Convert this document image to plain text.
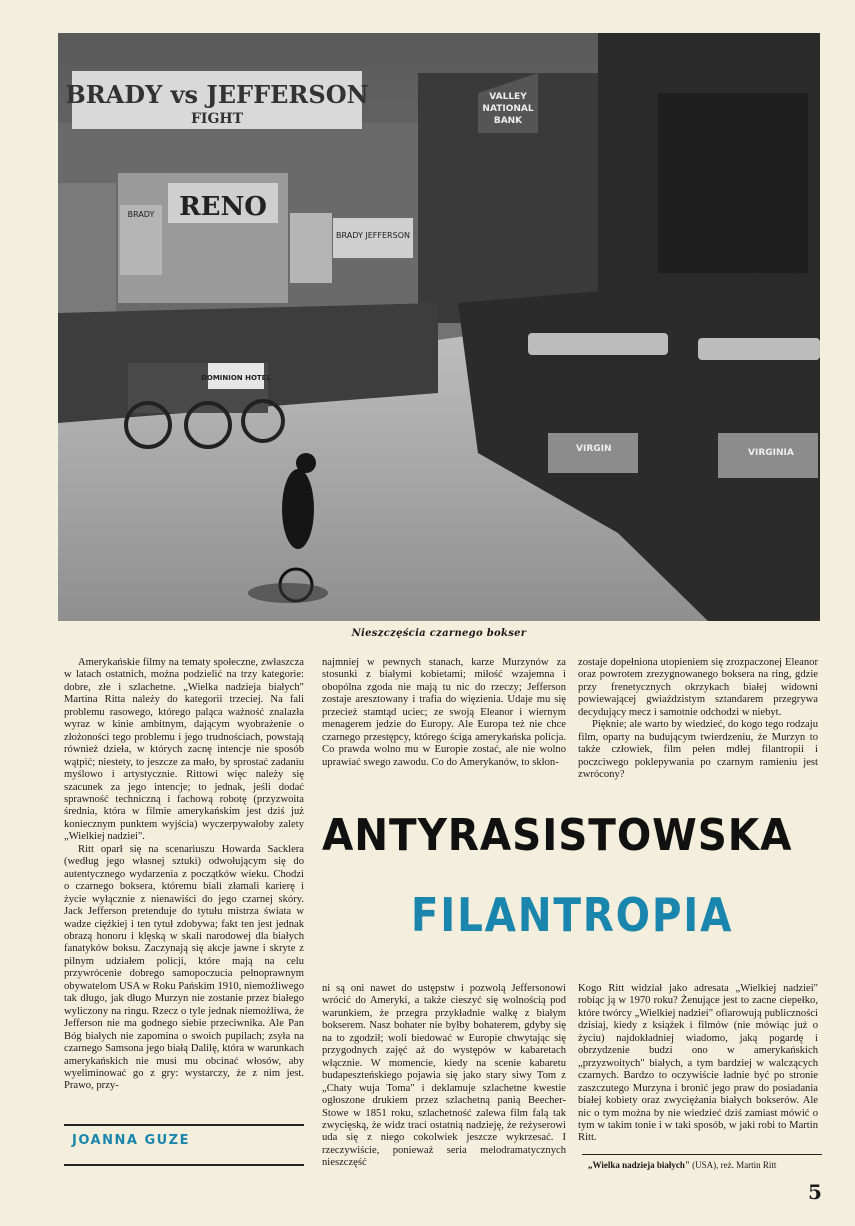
BRADY vs JEFFERSON
FIGHT
RENO
BRADY
BRADY JEFFERSON
VALLEY
NATIONAL
BANK
DOMINION HOTEL
VIRGIN	VIRGINIA
Nieszczęścia czarnego bokser

Amerykańskie filmy na tematy społeczne, zwłaszcza w latach ostatnich, można podzielić na trzy kategorie: dobre, złe i szlachetne. „Wielka nadzieja białych" Martina Ritta należy do kategorii trzeciej. Na fali problemu rasowego, którego paląca ważność znalazła wyraz w kinie ambitnym, dającym wyobrażenie o złożoności tego problemu i jego trudnościach, powstają również dzieła, w których zacnę intencje nie sposób wątpić; niestety, to jeszcze za mało, by sprostać zadaniu myślowo i artystycznie. Rittowi więc należy się szacunek za jego intencje; to jednak, jeśli dodać sprawność techniczną i fachową robotę (przyzwoita średnia, która w filmie amerykańskim jest dziś już koniecznym punktem wyjścia) wyczerpywałoby zalety „Wielkiej nadziei".

Ritt oparł się na scenariuszu Howarda Sacklera (według jego własnej sztuki) odwołującym się do autentycznego wydarzenia z początków wieku. Chodzi o czarnego boksera, któremu biali złamali karierę i życie wyłącznie z nienawiści do jego czarnej skóry. Jack Jefferson pretenduje do tytułu mistrza świata w wadze ciężkiej i ten tytuł zdobywa; fakt ten jest jednak obrazą honoru i klęską w skali narodowej dla białych fanatyków boksu. Zaczynają się akcje jawne i skryte z pilnym udziałem policji, które mają na celu przywrócenie dobrego samopoczucia pełnoprawnym obywatelom USA w Roku Pańskim 1910, niemożliwego tak długo, jak długo Murzyn nie zostanie przez białego wyliczony na ringu. Rzecz o tyle jednak niemożliwa, że Jefferson nie ma godnego siebie przeciwnika. Ale Pan Bóg białych nie zapomina o swoich pupilach; zsyła na czarnego Samsona jego białą Dalilę, która w warunkach amerykańskich nie musi mu obcinać włosów, aby wyeliminować go z gry: wystarczy, że z nim jest. Prawo, przy-

najmniej w pewnych stanach, karze Murzynów za stosunki z białymi kobietami; miłość wzajemna i obopólna zgoda nie mają tu nic do rzeczy; Jefferson zostaje aresztowany i trafia do więzienia. Udaje mu się przecież stamtąd uciec; ze swoją Eleanor i wiernym menagerem jedzie do Europy. Ale Europa też nie chce czarnego przestępcy, którego ściga amerykańska policja. Co prawda wolno mu w Europie zostać, ale nie wolno uprawiać swego zawodu. Co do Amerykanów, to skłon-

zostaje dopełniona utopieniem się zrozpaczonej Eleanor oraz powrotem zrezygnowanego boksera na ring, gdzie przy frenetycznych okrzykach białej widowni powiewającej gwiaździstym sztandarem przegrywa decydujący mecz i samotnie odchodzi w niebyt.

Pięknie; ale warto by wiedzieć, do kogo tego rodzaju film, oparty na budującym twierdzeniu, że Murzyn to także człowiek, film pełen mdłej filantropii i poczciwego poklepywania po czarnym ramieniu jest zwrócony?

ANTYRASISTOWSKA
FILANTROPIA

ni są oni nawet do ustępstw i pozwolą Jeffersonowi wrócić do Ameryki, a także cieszyć się wolnością pod warunkiem, że przegra przykładnie walkę z białym bokserem. Nasz bohater nie byłby bohaterem, gdyby się na to zgodził; woli biedować w Europie chwytając się przygodnych zajęć aż do występów w kabaretach włącznie. W momencie, kiedy na scenie kabaretu budapeszteńskiego pojawia się jako stary siwy Tom z „Chaty wuja Toma" i deklamuje szlachetne kwestie ogłoszone drukiem przez szlachetną panią Beecher-Stowe w 1851 roku, szlachetność zalewa film falą tak zwycięską, że widz traci ostatnią nadzieję, że reżyserowi uda się z niego cokolwiek jeszcze wykrzesać. I rzeczywiście, ponieważ seria melodramatycznych nieszczęść

Kogo Ritt widział jako adresata „Wielkiej nadziei" robiąc ją w 1970 roku? Żenujące jest to zacne ciepełko, które twórcy „Wielkiej nadziei" ofiarowują publiczności dzisiaj, kiedy z książek i filmów (nie mówiąc już o życiu) najdokładniej wiadomo, jaką pogardę i obrzydzenie budzi ono w amerykańskich „przyzwoitych" białych, a tym bardziej w walczących czarnych. Bardzo to oczywiście ładnie być po stronie zaszczutego Murzyna i bronić jego praw do posiadania białej kobiety oraz zwyciężania białych bokserów. Ale nic o tym można by nie wiedzieć dziś zamiast mówić o tym w takim tonie i w taki sposób, w jaki robi to Martin Ritt.

JOANNA GUZE
„Wielka nadzieja białych" (USA), reż. Martin Ritt
5
